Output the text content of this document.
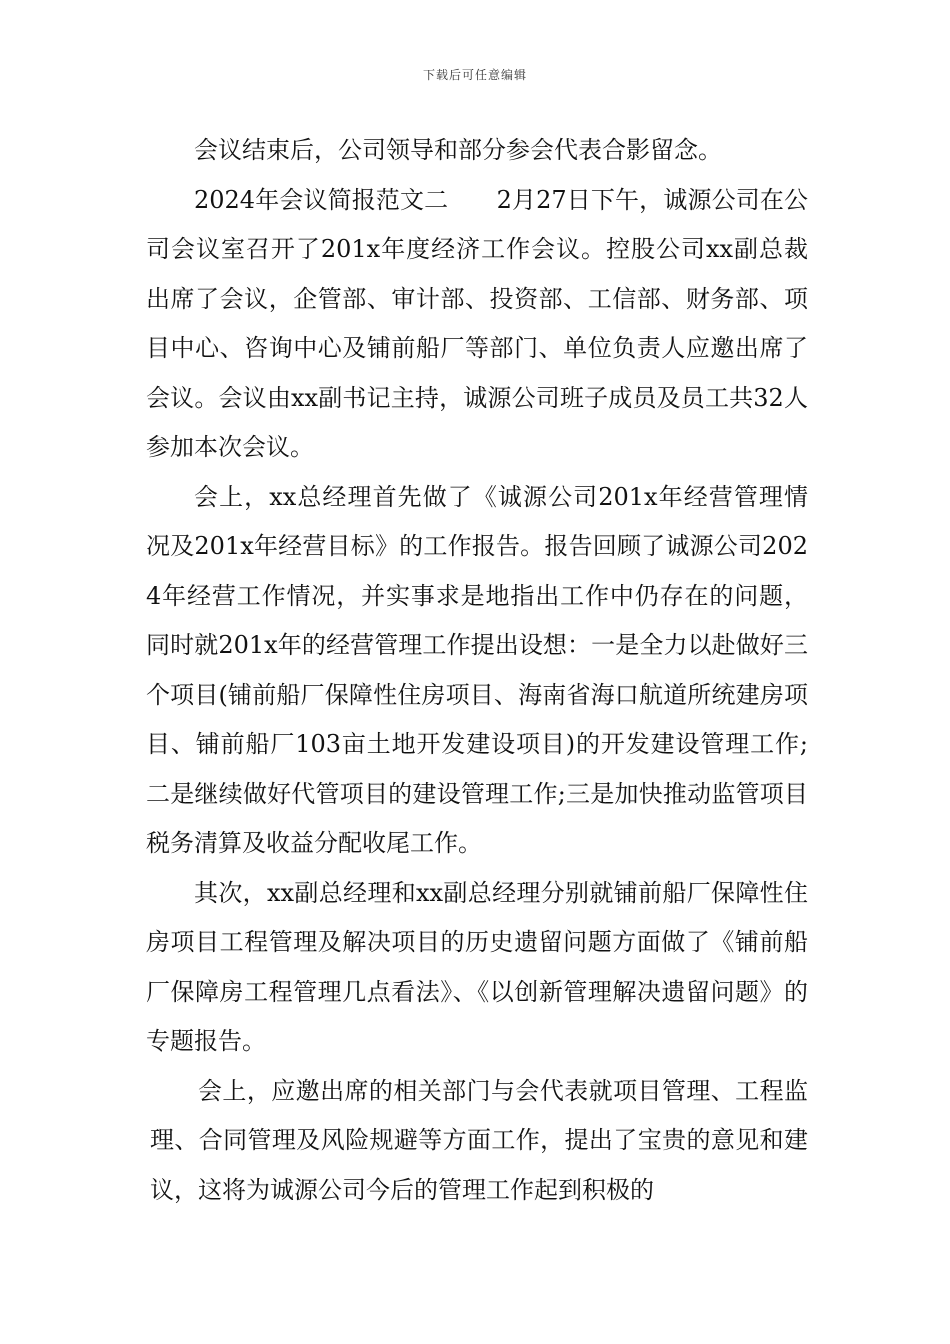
下载后可任意编辑

会议结束后，公司领导和部分参会代表合影留念。

2024年会议简报范文二　　2月27日下午，诚源公司在公司会议室召开了201x年度经济工作会议。控股公司xx副总裁出席了会议，企管部、审计部、投资部、工信部、财务部、项目中心、咨询中心及铺前船厂等部门、单位负责人应邀出席了会议。会议由xx副书记主持，诚源公司班子成员及员工共32人参加本次会议。

会上，xx总经理首先做了《诚源公司201x年经营管理情况及201x年经营目标》的工作报告。报告回顾了诚源公司2024年经营工作情况，并实事求是地指出工作中仍存在的问题，同时就201x年的经营管理工作提出设想：一是全力以赴做好三个项目(铺前船厂保障性住房项目、海南省海口航道所统建房项目、铺前船厂103亩土地开发建设项目)的开发建设管理工作;二是继续做好代管项目的建设管理工作;三是加快推动监管项目税务清算及收益分配收尾工作。

其次，xx副总经理和xx副总经理分别就铺前船厂保障性住房项目工程管理及解决项目的历史遗留问题方面做了《铺前船厂保障房工程管理几点看法》、《以创新管理解决遗留问题》的专题报告。

会上，应邀出席的相关部门与会代表就项目管理、工程监理、合同管理及风险规避等方面工作，提出了宝贵的意见和建议，这将为诚源公司今后的管理工作起到积极的
